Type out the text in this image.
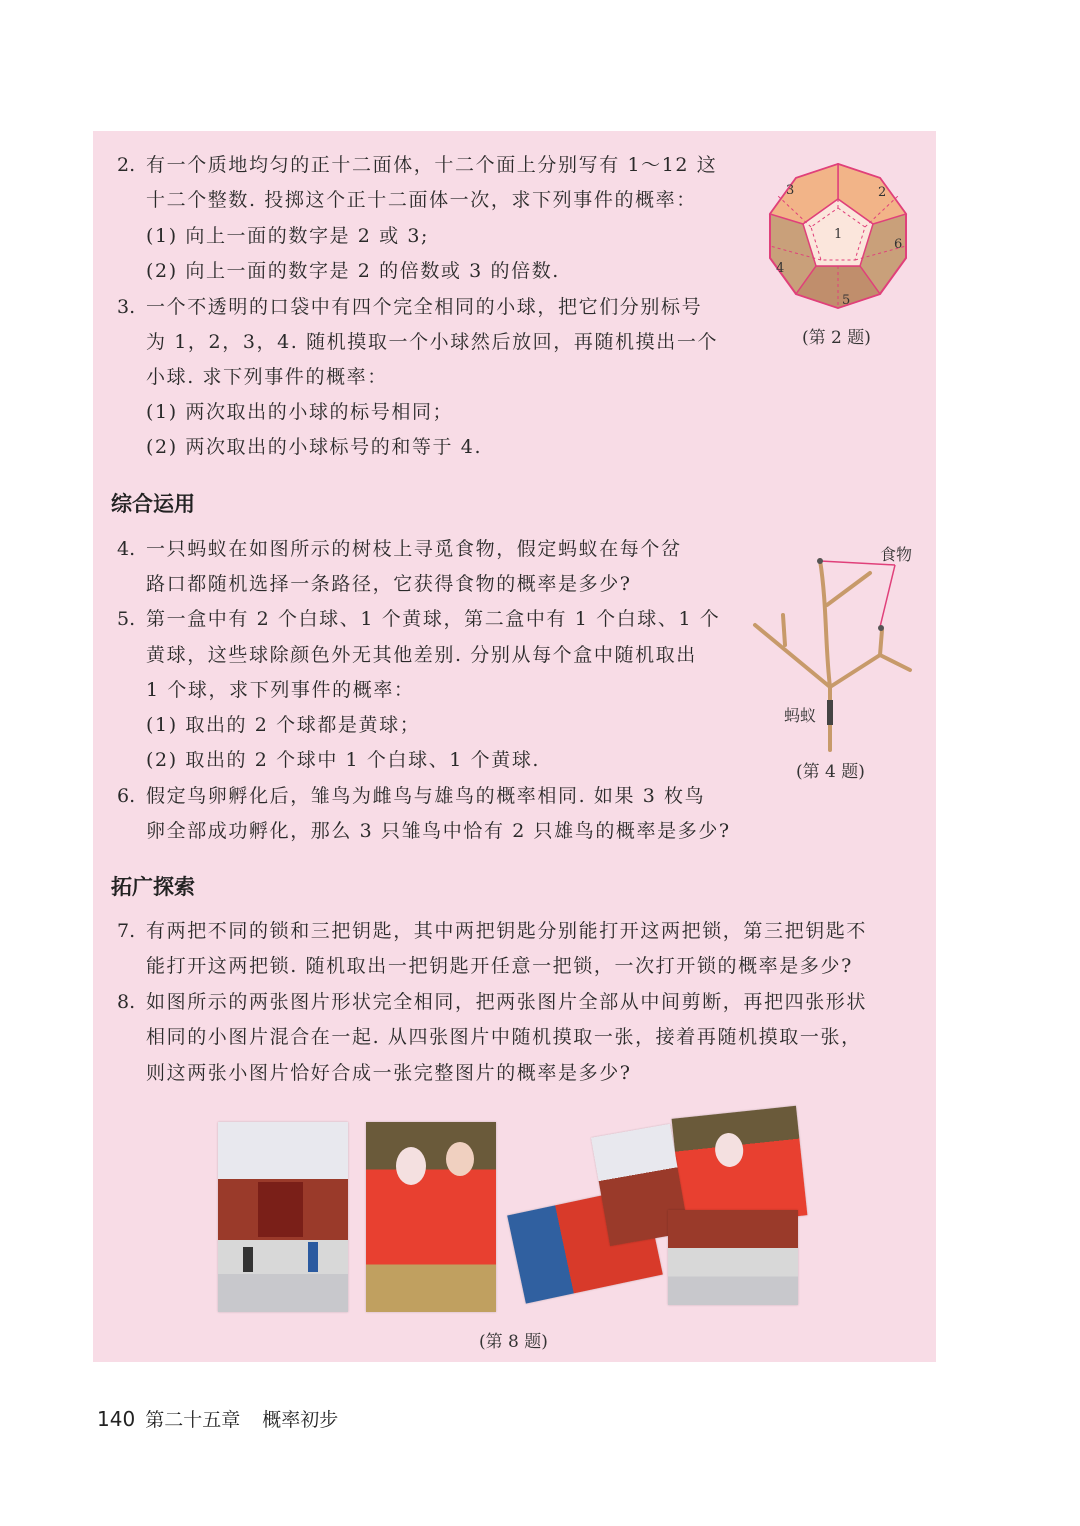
2. 有一个质地均匀的正十二面体，十二个面上分别写有 1～12 这
十二个整数. 投掷这个正十二面体一次，求下列事件的概率：
(1) 向上一面的数字是 2 或 3;
(2) 向上一面的数字是 2 的倍数或 3 的倍数.
3. 一个不透明的口袋中有四个完全相同的小球，把它们分别标号
为 1，2，3，4. 随机摸取一个小球然后放回，再随机摸出一个
小球. 求下列事件的概率：
(1) 两次取出的小球的标号相同；
(2) 两次取出的小球标号的和等于 4.
1
2
3
4
5
6
(第 2 题)
综合运用
4. 一只蚂蚁在如图所示的树枝上寻觅食物，假定蚂蚁在每个岔
路口都随机选择一条路径，它获得食物的概率是多少?
5. 第一盒中有 2 个白球、1 个黄球，第二盒中有 1 个白球、1 个
黄球，这些球除颜色外无其他差别. 分别从每个盒中随机取出
1 个球，求下列事件的概率：
(1) 取出的 2 个球都是黄球；
(2) 取出的 2 个球中 1 个白球、1 个黄球.
6. 假定鸟卵孵化后，雏鸟为雌鸟与雄鸟的概率相同. 如果 3 枚鸟
卵全部成功孵化，那么 3 只雏鸟中恰有 2 只雄鸟的概率是多少?
食物
蚂蚁
(第 4 题)
拓广探索
7. 有两把不同的锁和三把钥匙，其中两把钥匙分别能打开这两把锁，第三把钥匙不
能打开这两把锁. 随机取出一把钥匙开任意一把锁，一次打开锁的概率是多少?
8. 如图所示的两张图片形状完全相同，把两张图片全部从中间剪断，再把四张形状
相同的小图片混合在一起. 从四张图片中随机摸取一张，接着再随机摸取一张，
则这两张小图片恰好合成一张完整图片的概率是多少?
(第 8 题)
140 第二十五章 概率初步
